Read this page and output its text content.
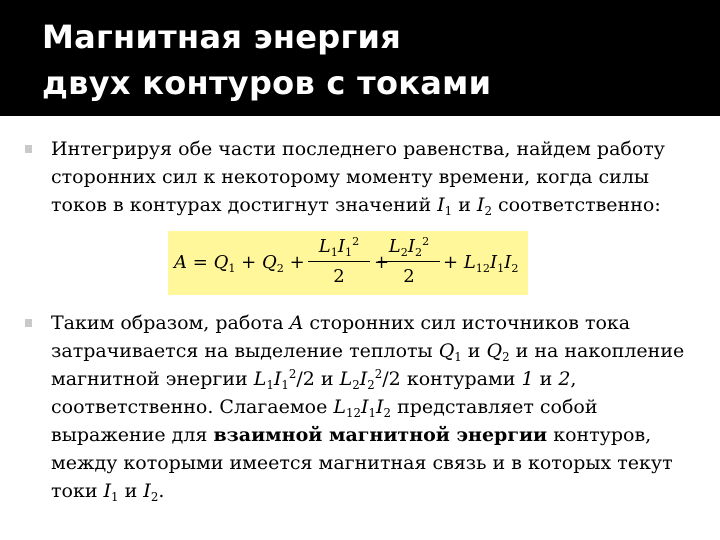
Магнитная энергия
двух контуров с токами

Интегрируя обе части последнего равенства, найдем работу
сторонних сил к некоторому моменту времени, когда силы
токов в контурах достигнут значений $I_1$ и $I_2$ соответственно:

$A = Q_1 + Q_2$ +
$L_1I_1^2$
2
+
$L_2I_2^2$
2
+ $L_{12}I_1I_2$

Таким образом, работа A сторонних сил источников тока
затрачивается на выделение теплоты $Q_1$ и $Q_2$ и на накопление
магнитной энергии $L_1I_1^2/2$ и $L_2I_2^2/2$ контурами 1 и 2,
соответственно. Слагаемое $L_{12}I_1I_2$ представляет собой
выражение для взаимной магнитной энергии контуров,
между которыми имеется магнитная связь и в которых текут
токи $I_1$ и $I_2$.
